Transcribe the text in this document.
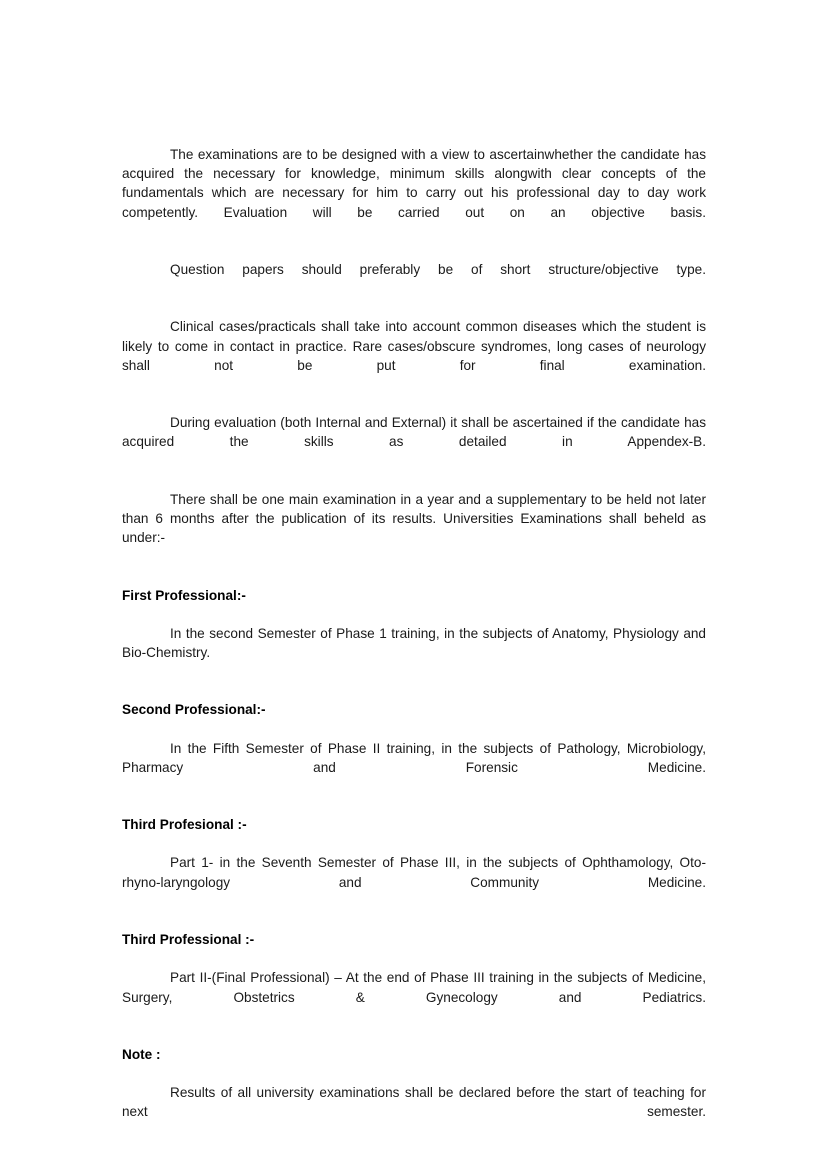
The examinations are to be designed with a view to ascertainwhether the candidate has acquired the necessary for knowledge, minimum skills alongwith clear concepts of the fundamentals which are necessary for him to carry out his professional day to day work competently. Evaluation will be carried out on an objective basis.

Question papers should preferably be of short structure/objective type.

Clinical cases/practicals shall take into account common diseases which the student is likely to come in contact in practice. Rare cases/obscure syndromes, long cases of neurology shall not be put for final examination.

During evaluation (both Internal and External) it shall be ascertained if the candidate has acquired the skills as detailed in Appendex-B.

There shall be one main examination in a year and a supplementary to be held not later than 6 months after the publication of its results. Universities Examinations shall beheld as under:-

First Professional:-

In the second Semester of Phase 1 training, in the subjects of Anatomy, Physiology and Bio-Chemistry.

Second Professional:-

In the Fifth Semester of Phase II training, in the subjects of Pathology, Microbiology, Pharmacy and Forensic Medicine.

Third Profesional :-

Part 1- in the Seventh Semester of Phase III, in the subjects of Ophthamology, Oto-rhyno-laryngology and Community Medicine.

Third Professional :-

Part II-(Final Professional) – At the end of Phase III training in the subjects of Medicine, Surgery, Obstetrics & Gynecology and Pediatrics.

Note :

Results of all university examinations shall be declared before the start of teaching for next semester.
